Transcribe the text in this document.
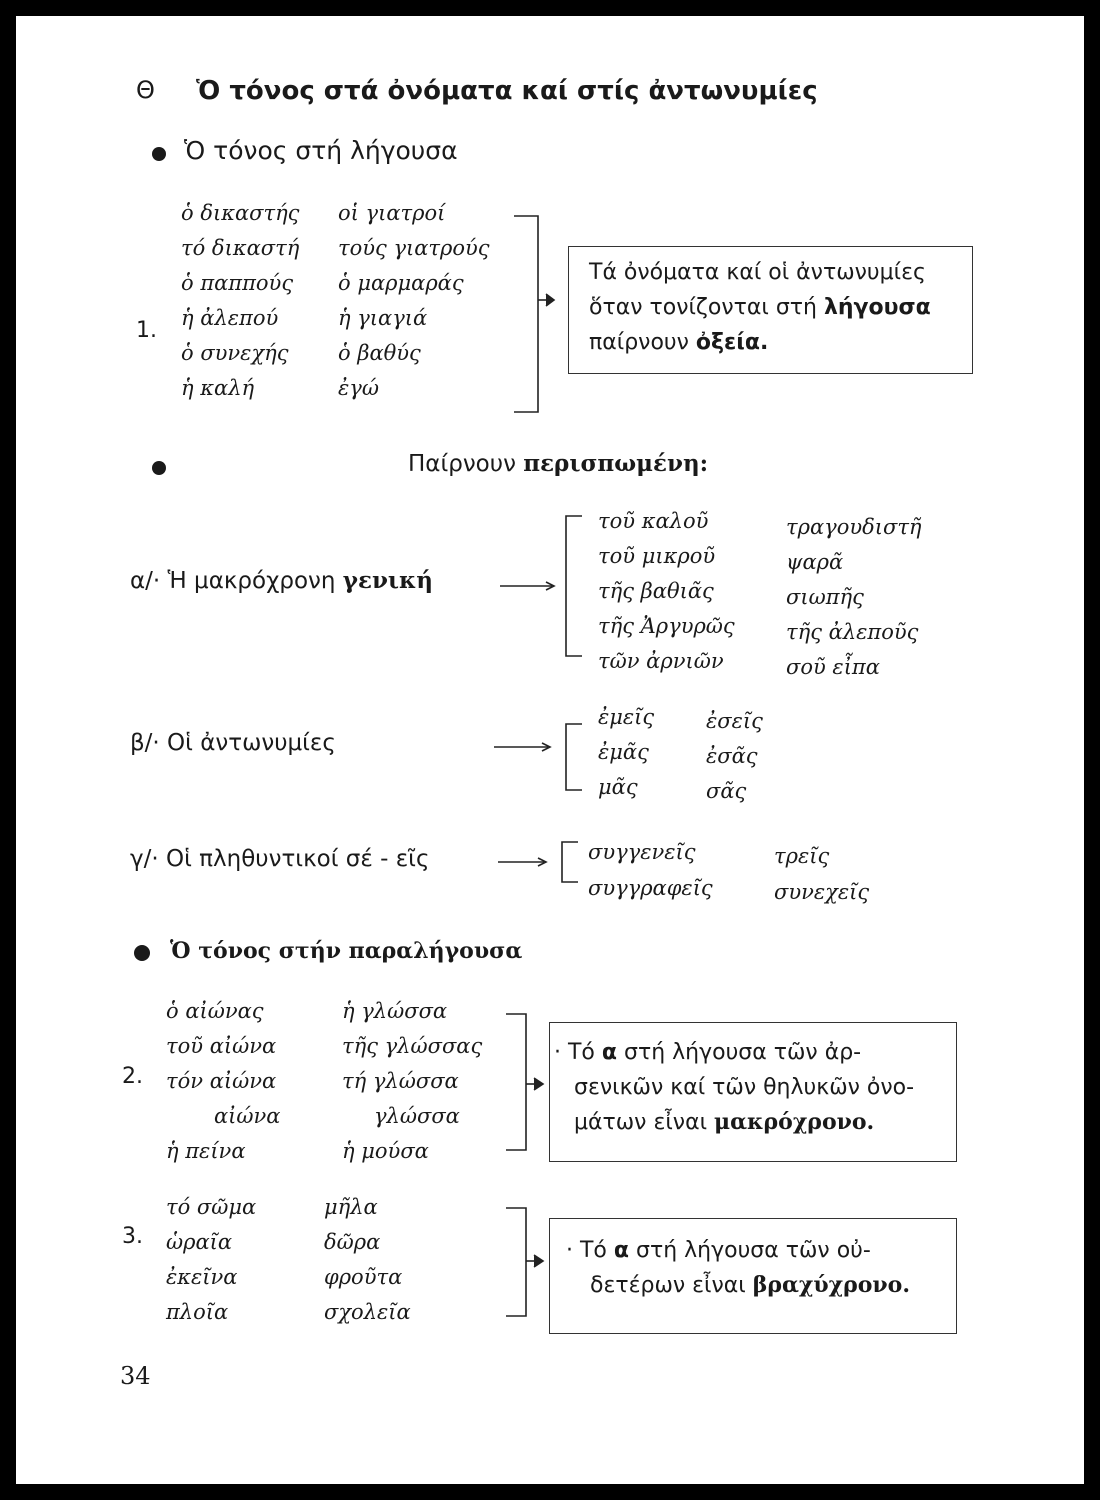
Θ Ὁ τόνος στά ὀνόματα καί στίς ἀντωνυμίες
Ὁ τόνος στή λήγουσα
ὁ δικαστής
τό δικαστή
ὁ παππούς
ἡ ἀλεπού
ὁ συνεχής
ἡ καλή
οἱ γιατροί
τούς γιατρούς
ὁ μαρμαράς
ἡ γιαγιά
ὁ βαθύς
ἐγώ
1.

Τά ὀνόματα καί οἱ ἀντωνυμίες

ὅταν τονίζονται στή λήγουσα

παίρνουν ὀξεία.

Παίρνουν περισπωμένη:
α/· Ἡ μακρόχρονη γενική
τοῦ καλοῦ
τοῦ μικροῦ
τῆς βαθιᾶς
τῆς Ἀργυρῶς
τῶν ἀρνιῶν
τραγουδιστῆ
ψαρᾶ
σιωπῆς
τῆς ἀλεποῦς
σοῦ εἶπα
β/· Οἱ ἀντωνυμίες
ἐμεῖς
ἐμᾶς
μᾶς
ἐσεῖς
ἐσᾶς
σᾶς
γ/· Οἱ πληθυντικοί σέ - εῖς	συγγενεῖς
συγγραφεῖς
τρεῖς
συνεχεῖς
Ὁ τόνος στήν παραλήγουσα
ὁ αἰώνας
τοῦ αἰώνα
τόν αἰώνα
αἰώνα
ἡ πείνα
ἡ γλώσσα
τῆς γλώσσας
τή γλώσσα
γλώσσα
ἡ μούσα
2.

· Τό α στή λήγουσα τῶν ἀρ-

σενικῶν καί τῶν θηλυκῶν ὀνο-

μάτων εἶναι μακρόχρονο.

τό σῶμα
ὡραῖα
ἐκεῖνα
πλοῖα
μῆλα
δῶρα
φροῦτα
σχολεῖα
3.

· Τό α στή λήγουσα τῶν οὐ-

δετέρων εἶναι βραχύχρονο.

34
